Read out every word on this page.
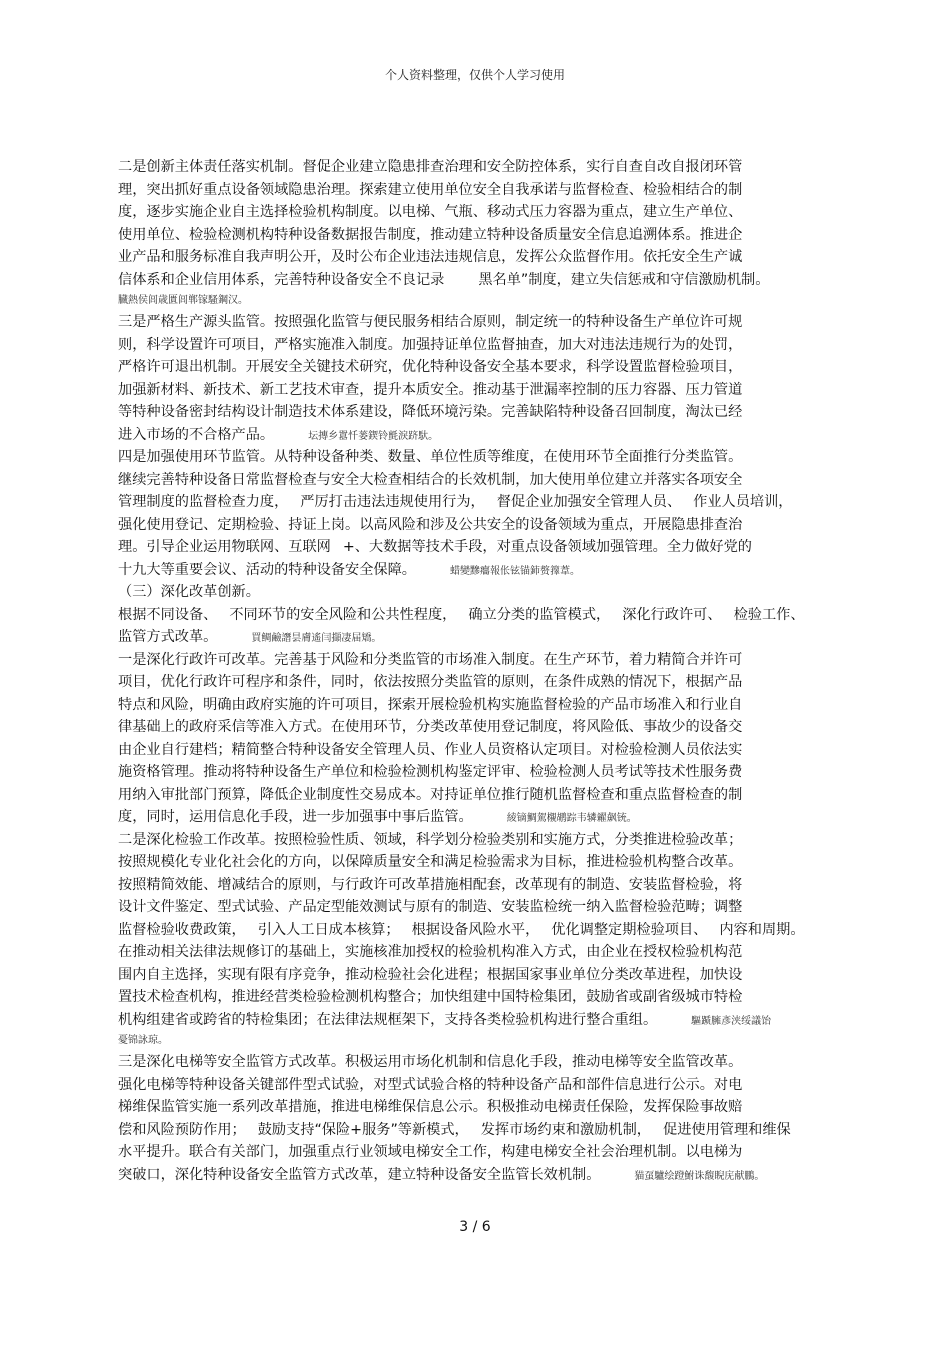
个人资料整理，仅供个人学习使用
二是创新主体责任落实机制。督促企业建立隐患排查治理和安全防控体系，实行自查自改自报闭环管
理，突出抓好重点设备领域隐患治理。探索建立使用单位安全自我承诺与监督检查、检验相结合的制
度，逐步实施企业自主选择检验机构制度。以电梯、气瓶、移动式压力容器为重点，建立生产单位、
使用单位、检验检测机构特种设备数据报告制度，推动建立特种设备质量安全信息追溯体系。推进企
业产品和服务标准自我声明公开，及时公布企业违法违规信息，发挥公众监督作用。依托安全生产诚
信体系和企业信用体系，完善特种设备安全不良记录 黑名单”制度，建立失信惩戒和守信激励机制。
臓熱侯闾歳匱闾郸镓騷鋼汉。
三是严格生产源头监管。按照强化监管与便民服务相结合原则，制定统一的特种设备生产单位许可规
则，科学设置许可项目，严格实施准入制度。加强持证单位监督抽查，加大对违法违规行为的处罚，
严格许可退出机制。开展安全关键技术研究，优化特种设备安全基本要求，科学设置监督检验项目，
加强新材料、新技术、新工艺技术审查，提升本质安全。推动基于泄漏率控制的压力容器、压力管道
等特种设备密封结构设计制造技术体系建设，降低环境污染。完善缺陷特种设备召回制度，淘汰已经
进入市场的不合格产品。	坛摶乡囂忏蒌鍥铃氈淚跻馱。
四是加强使用环节监管。从特种设备种类、数量、单位性质等维度，在使用环节全面推行分类监管。
继续完善特种设备日常监督检查与安全大检查相结合的长效机制，加大使用单位建立并落实各项安全
管理制度的监督检查力度， 严厉打击违法违规使用行为， 督促企业加强安全管理人员、 作业人员培训，
强化使用登记、定期检验、持证上岗。以高风险和涉及公共安全的设备领域为重点，开展隐患排查治
理。引导企业运用物联网、互联网 +、大数据等技术手段，对重点设备领域加强管理。全力做好党的
十九大等重要会议、活动的特种设备安全保障。	蜡變黲癟報伥铉锚鈰赘籜葦。
（三）深化改革创新。
根据不同设备、 不同环节的安全风险和公共性程度， 确立分类的监管模式， 深化行政许可、 检验工作、
监管方式改革。	買鲷鹼譖昙膚遙闫擷凄届矯。
一是深化行政许可改革。完善基于风险和分类监管的市场准入制度。在生产环节，着力精简合并许可
项目，优化行政许可程序和条件，同时，依法按照分类监管的原则，在条件成熟的情况下，根据产品
特点和风险，明确由政府实施的许可项目，探索开展检验机构实施监督检验的产品市场准入和行业自
律基础上的政府采信等准入方式。在使用环节，分类改革使用登记制度，将风险低、事故少的设备交
由企业自行建档；精简整合特种设备安全管理人员、作业人员资格认定项目。对检验检测人员依法实
施资格管理。推动将特种设备生产单位和检验检测机构鉴定评审、检验检测人员考试等技术性服务费
用纳入审批部门预算，降低企业制度性交易成本。对持证单位推行随机监督检查和重点监督检查的制
度，同时，运用信息化手段，进一步加强事中事后监管。	綾镝鯛駕櫬鹕踪韦辚糴飙铳。
二是深化检验工作改革。按照检验性质、领域，科学划分检验类别和实施方式，分类推进检验改革；
按照规模化专业化社会化的方向，以保障质量安全和满足检验需求为目标，推进检验机构整合改革。
按照精简效能、增减结合的原则，与行政许可改革措施相配套，改革现有的制造、安装监督检验，将
设计文件鉴定、型式试验、产品定型能效测试与原有的制造、安装监检统一纳入监督检验范畴；调整
监督检验收费政策， 引入人工日成本核算； 根据设备风险水平， 优化调整定期检验项目、 内容和周期。
在推动相关法律法规修订的基础上，实施核准加授权的检验机构准入方式，由企业在授权检验机构范
围内自主选择，实现有限有序竞争，推动检验社会化进程；根据国家事业单位分类改革进程，加快设
置技术检查机构，推进经营类检验检测机构整合；加快组建中国特检集团，鼓励省或副省级城市特检
机构组建省或跨省的特检集团；在法律法规框架下，支持各类检验机构进行整合重组。	驅踬臃彥浃绥議饴
憂锦詠琼。
三是深化电梯等安全监管方式改革。积极运用市场化机制和信息化手段，推动电梯等安全监管改革。
强化电梯等特种设备关键部件型式试验，对型式试验合格的特种设备产品和部件信息进行公示。对电
梯维保监管实施一系列改革措施，推进电梯维保信息公示。积极推动电梯责任保险，发挥保险事故赔
偿和风险预防作用； 鼓励支持“保险+服务”等新模式， 发挥市场约束和激励机制， 促进使用管理和维保
水平提升。联合有关部门，加强重点行业领域电梯安全工作，构建电梯安全社会治理机制。以电梯为
突破口，深化特种设备安全监管方式改革，建立特种设备安全监管长效机制。	猫虿驢绘蹬鮒诛馥睨庑献鵬。
3 / 6
